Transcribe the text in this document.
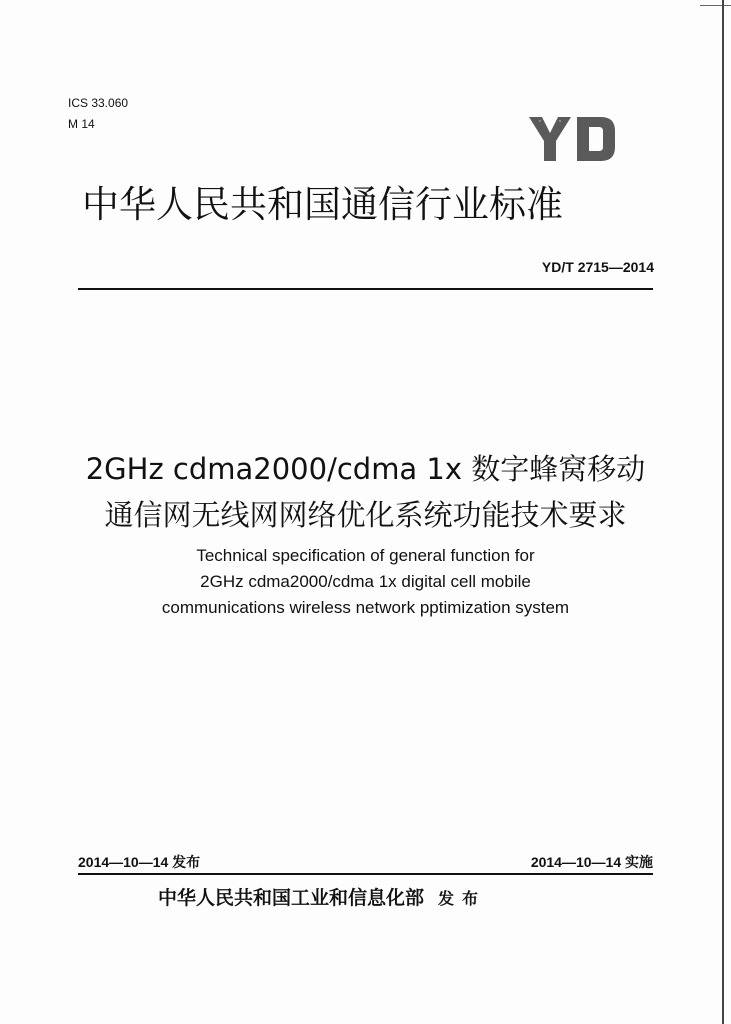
ICS 33.060
M 14
中华人民共和国通信行业标准
YD/T 2715—2014
2GHz cdma2000/cdma 1x 数字蜂窝移动
通信网无线网网络优化系统功能技术要求
Technical specification of general function for
2GHz cdma2000/cdma 1x digital cell mobile
communications wireless network pptimization system
2014—10—14 发布	2014—10—14 实施
中华人民共和国工业和信息化部 发布
